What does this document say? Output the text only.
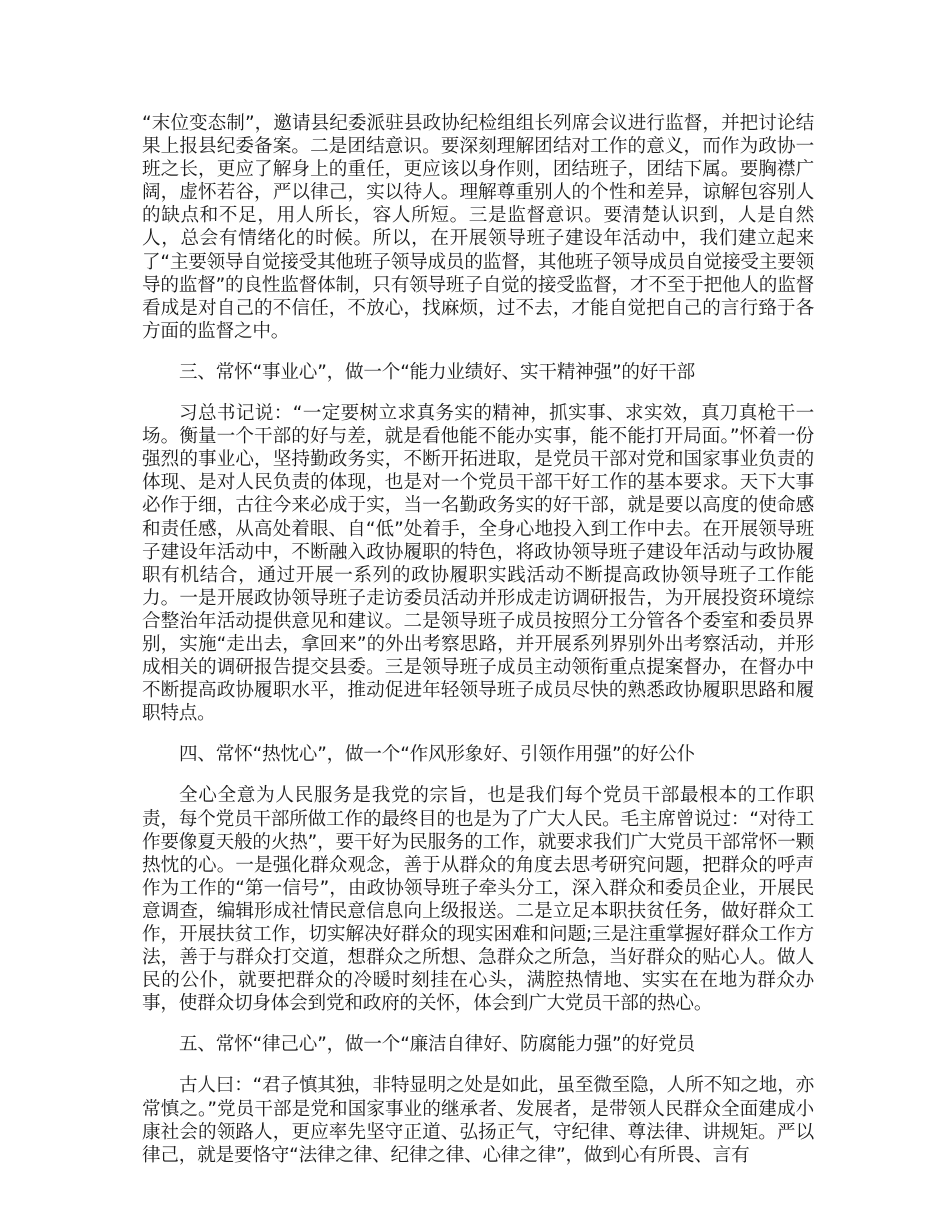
“末位变态制”，邀请县纪委派驻县政协纪检组组长列席会议进行监督，并把讨论结果上报县纪委备案。二是团结意识。要深刻理解团结对工作的意义，而作为政协一班之长，更应了解身上的重任，更应该以身作则，团结班子，团结下属。要胸襟广阔，虚怀若谷，严以律己，实以待人。理解尊重别人的个性和差异，谅解包容别人的缺点和不足，用人所长，容人所短。三是监督意识。要清楚认识到，人是自然人，总会有情绪化的时候。所以，在开展领导班子建设年活动中，我们建立起来了“主要领导自觉接受其他班子领导成员的监督，其他班子领导成员自觉接受主要领导的监督”的良性监督体制，只有领导班子自觉的接受监督，才不至于把他人的监督看成是对自己的不信任，不放心，找麻烦，过不去，才能自觉把自己的言行臵于各方面的监督之中。

三、常怀“事业心”，做一个“能力业绩好、实干精神强”的好干部

习总书记说：“一定要树立求真务实的精神，抓实事、求实效，真刀真枪干一场。衡量一个干部的好与差，就是看他能不能办实事，能不能打开局面。”怀着一份强烈的事业心，坚持勤政务实，不断开拓进取，是党员干部对党和国家事业负责的体现、是对人民负责的体现，也是对一个党员干部干好工作的基本要求。天下大事必作于细，古往今来必成于实，当一名勤政务实的好干部，就是要以高度的使命感和责任感，从高处着眼、自“低”处着手，全身心地投入到工作中去。在开展领导班子建设年活动中，不断融入政协履职的特色，将政协领导班子建设年活动与政协履职有机结合，通过开展一系列的政协履职实践活动不断提高政协领导班子工作能力。一是开展政协领导班子走访委员活动并形成走访调研报告，为开展投资环境综合整治年活动提供意见和建议。二是领导班子成员按照分工分管各个委室和委员界别，实施“走出去，拿回来”的外出考察思路，并开展系列界别外出考察活动，并形成相关的调研报告提交县委。三是领导班子成员主动领衔重点提案督办，在督办中不断提高政协履职水平，推动促进年轻领导班子成员尽快的熟悉政协履职思路和履职特点。

四、常怀“热忱心”，做一个“作风形象好、引领作用强”的好公仆

全心全意为人民服务是我党的宗旨，也是我们每个党员干部最根本的工作职责，每个党员干部所做工作的最终目的也是为了广大人民。毛主席曾说过：“对待工作要像夏天般的火热”，要干好为民服务的工作，就要求我们广大党员干部常怀一颗热忱的心。一是强化群众观念，善于从群众的角度去思考研究问题，把群众的呼声作为工作的“第一信号”，由政协领导班子牵头分工，深入群众和委员企业，开展民意调查，编辑形成社情民意信息向上级报送。二是立足本职扶贫任务，做好群众工作，开展扶贫工作，切实解决好群众的现实困难和问题;三是注重掌握好群众工作方法，善于与群众打交道，想群众之所想、急群众之所急，当好群众的贴心人。做人民的公仆，就要把群众的冷暖时刻挂在心头，满腔热情地、实实在在地为群众办事，使群众切身体会到党和政府的关怀，体会到广大党员干部的热心。

五、常怀“律己心”，做一个“廉洁自律好、防腐能力强”的好党员

古人曰：“君子慎其独，非特显明之处是如此，虽至微至隐，人所不知之地，亦常慎之。”党员干部是党和国家事业的继承者、发展者，是带领人民群众全面建成小康社会的领路人，更应率先坚守正道、弘扬正气，守纪律、尊法律、讲规矩。严以律己，就是要恪守“法律之律、纪律之律、心律之律”，做到心有所畏、言有
